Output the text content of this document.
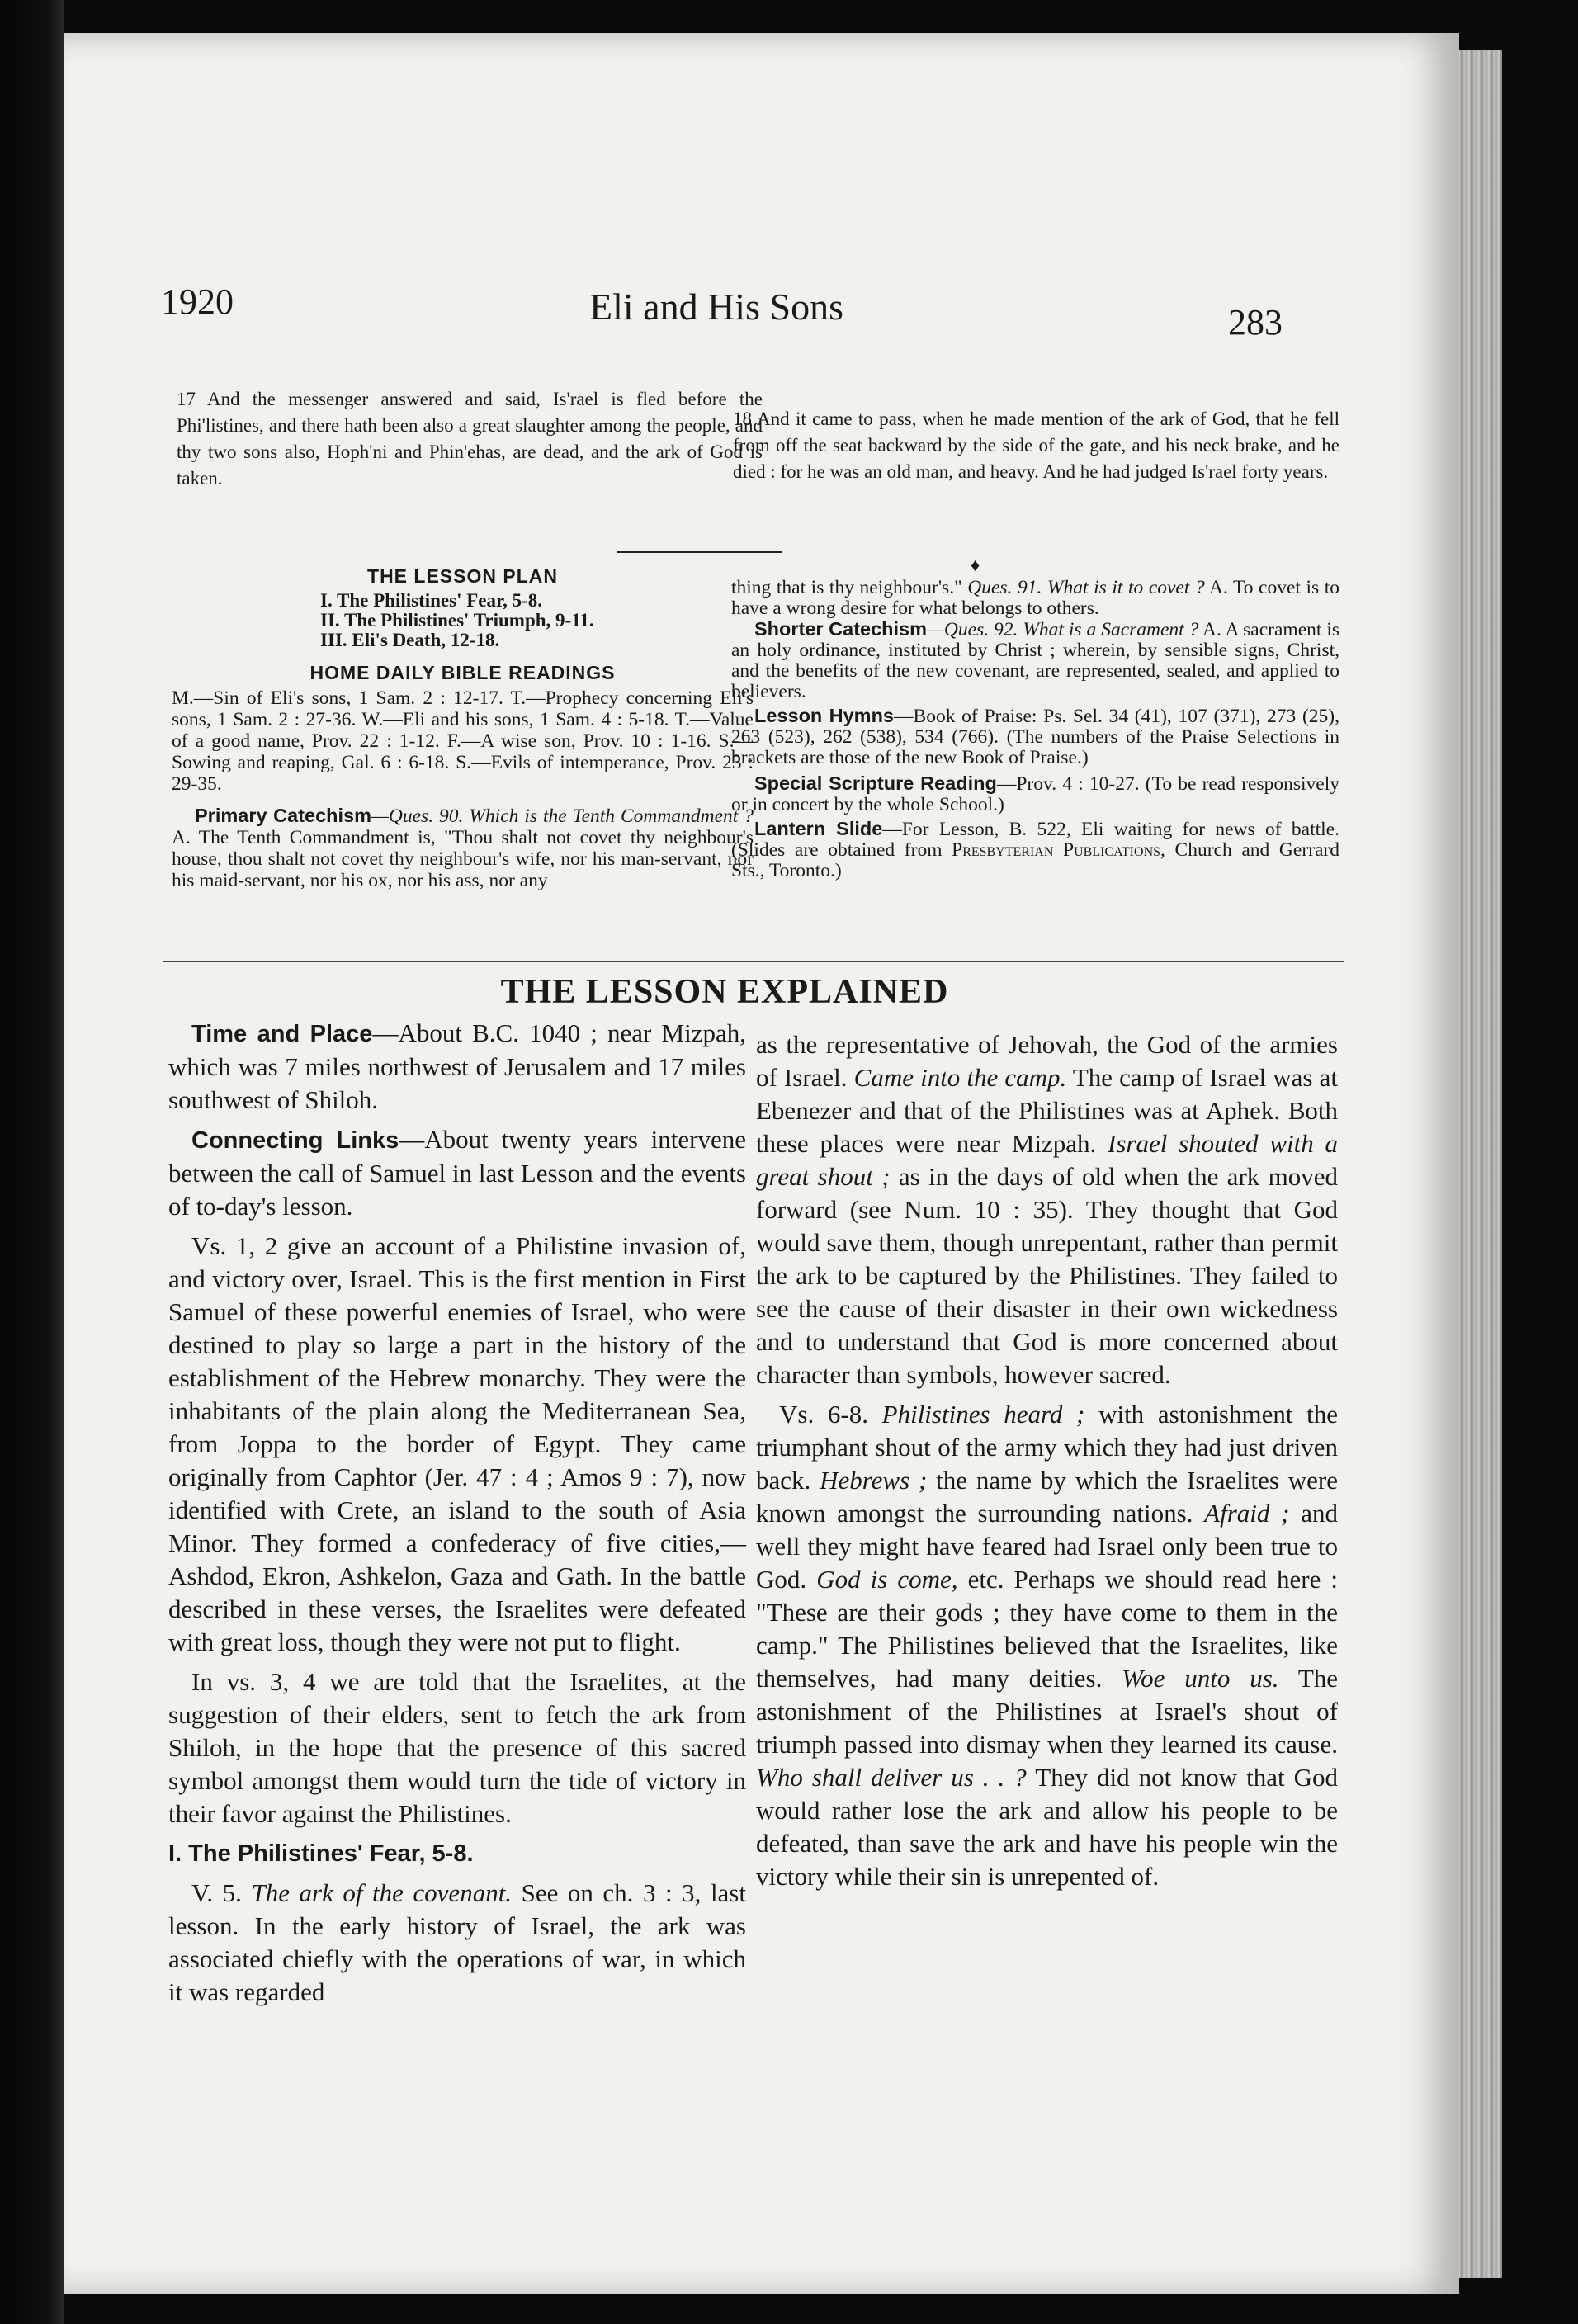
1920	Eli and His Sons	283
17 And the messenger answered and said, Is'rael is fled before the Phi'listines, and there hath been also a great slaughter among the people, and thy two sons also, Hoph'ni and Phin'ehas, are dead, and the ark of God is taken.
18 And it came to pass, when he made mention of the ark of God, that he fell from off the seat backward by the side of the gate, and his neck brake, and he died : for he was an old man, and heavy. And he had judged Is'rael forty years.
THE LESSON PLAN
I. The Philistines' Fear, 5-8.
II. The Philistines' Triumph, 9-11.
III. Eli's Death, 12-18.
HOME DAILY BIBLE READINGS
M.—Sin of Eli's sons, 1 Sam. 2 : 12-17. T.—Prophecy concerning Eli's sons, 1 Sam. 2 : 27-36. W.—Eli and his sons, 1 Sam. 4 : 5-18. T.—Value of a good name, Prov. 22 : 1-12. F.—A wise son, Prov. 10 : 1-16. S.—Sowing and reaping, Gal. 6 : 6-18. S.—Evils of intemperance, Prov. 23 : 29-35.
Primary Catechism—Ques. 90. Which is the Tenth Commandment ? A. The Tenth Commandment is, "Thou shalt not covet thy neighbour's house, thou shalt not covet thy neighbour's wife, nor his man-servant, nor his maid-servant, nor his ox, nor his ass, nor any
♦
thing that is thy neighbour's." Ques. 91. What is it to covet ? A. To covet is to have a wrong desire for what belongs to others.
Shorter Catechism—Ques. 92. What is a Sacrament ? A. A sacrament is an holy ordinance, instituted by Christ ; wherein, by sensible signs, Christ, and the benefits of the new covenant, are represented, sealed, and applied to believers.
Lesson Hymns—Book of Praise: Ps. Sel. 34 (41), 107 (371), 273 (25), 263 (523), 262 (538), 534 (766). (The numbers of the Praise Selections in brackets are those of the new Book of Praise.)
Special Scripture Reading—Prov. 4 : 10-27. (To be read responsively or in concert by the whole School.)
Lantern Slide—For Lesson, B. 522, Eli waiting for news of battle. (Slides are obtained from Presbyterian Publications, Church and Gerrard Sts., Toronto.)
THE LESSON EXPLAINED

Time and Place—About B.C. 1040 ; near Mizpah, which was 7 miles northwest of Jerusalem and 17 miles southwest of Shiloh.

Connecting Links—About twenty years intervene between the call of Samuel in last Lesson and the events of to-day's lesson.

Vs. 1, 2 give an account of a Philistine invasion of, and victory over, Israel. This is the first mention in First Samuel of these powerful enemies of Israel, who were destined to play so large a part in the history of the establishment of the Hebrew monarchy. They were the inhabitants of the plain along the Mediterranean Sea, from Joppa to the border of Egypt. They came originally from Caphtor (Jer. 47 : 4 ; Amos 9 : 7), now identified with Crete, an island to the south of Asia Minor. They formed a confederacy of five cities,—Ashdod, Ekron, Ashkelon, Gaza and Gath. In the battle described in these verses, the Israelites were defeated with great loss, though they were not put to flight.

In vs. 3, 4 we are told that the Israelites, at the suggestion of their elders, sent to fetch the ark from Shiloh, in the hope that the presence of this sacred symbol amongst them would turn the tide of victory in their favor against the Philistines.

I. The Philistines' Fear, 5-8.

V. 5. The ark of the covenant. See on ch. 3 : 3, last lesson. In the early history of Israel, the ark was associated chiefly with the operations of war, in which it was regarded

as the representative of Jehovah, the God of the armies of Israel. Came into the camp. The camp of Israel was at Ebenezer and that of the Philistines was at Aphek. Both these places were near Mizpah. Israel shouted with a great shout ; as in the days of old when the ark moved forward (see Num. 10 : 35). They thought that God would save them, though unrepentant, rather than permit the ark to be captured by the Philistines. They failed to see the cause of their disaster in their own wickedness and to understand that God is more concerned about character than symbols, however sacred.

Vs. 6-8. Philistines heard ; with astonishment the triumphant shout of the army which they had just driven back. Hebrews ; the name by which the Israelites were known amongst the surrounding nations. Afraid ; and well they might have feared had Israel only been true to God. God is come, etc. Perhaps we should read here : "These are their gods ; they have come to them in the camp." The Philistines believed that the Israelites, like themselves, had many deities. Woe unto us. The astonishment of the Philistines at Israel's shout of triumph passed into dismay when they learned its cause. Who shall deliver us . . ? They did not know that God would rather lose the ark and allow his people to be defeated, than save the ark and have his people win the victory while their sin is unrepented of.
